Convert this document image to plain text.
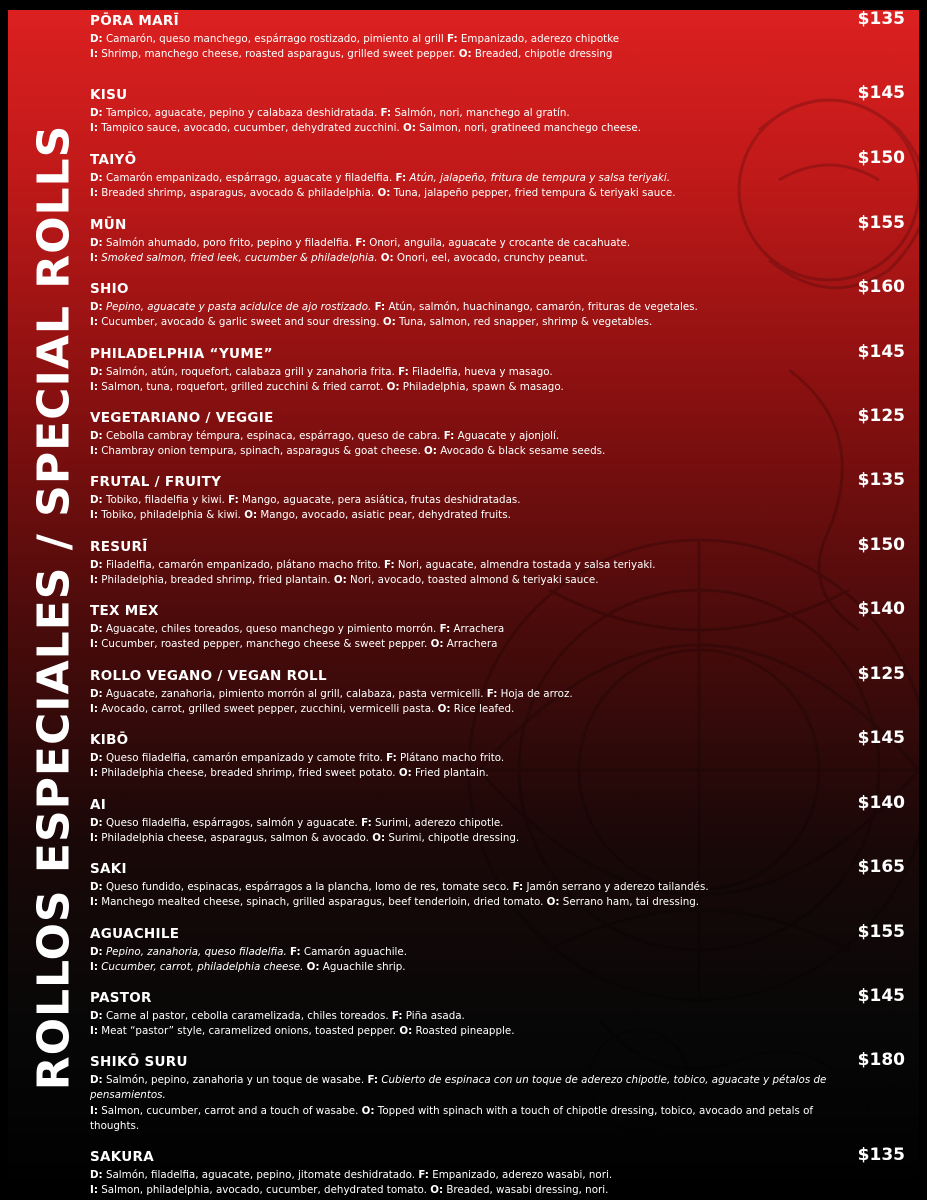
ROLLOS ESPECIALES / SPECIAL ROLLS
PŌRA MARĪ	$135
D: Camarón, queso manchego, espárrago rostizado, pimiento al grill F: Empanizado, aderezo chipotke
I: Shrimp, manchego cheese, roasted asparagus, grilled sweet pepper. O: Breaded, chipotle dressing
KISU	$145
D: Tampico, aguacate, pepino y calabaza deshidratada. F: Salmón, nori, manchego al gratín.
I: Tampico sauce, avocado, cucumber, dehydrated zucchini. O: Salmon, nori, gratineed manchego cheese.
TAIYŌ	$150
D: Camarón empanizado, espárrago, aguacate y filadelfia. F: Atún, jalapeño, fritura de tempura y salsa teriyaki.
I: Breaded shrimp, asparagus, avocado & philadelphia. O: Tuna, jalapeño pepper, fried tempura & teriyaki sauce.
MŪN	$155
D: Salmón ahumado, poro frito, pepino y filadelfia. F: Onori, anguila, aguacate y crocante de cacahuate.
I: Smoked salmon, fried leek, cucumber & philadelphia. O: Onori, eel, avocado, crunchy peanut.
SHIO	$160
D: Pepino, aguacate y pasta acidulce de ajo rostizado. F: Atún, salmón, huachinango, camarón, frituras de vegetales.
I: Cucumber, avocado & garlic sweet and sour dressing. O: Tuna, salmon, red snapper, shrimp & vegetables.
PHILADELPHIA “YUME”	$145
D: Salmón, atún, roquefort, calabaza grill y zanahoria frita. F: Filadelfia, hueva y masago.
I: Salmon, tuna, roquefort, grilled zucchini & fried carrot. O: Philadelphia, spawn & masago.
VEGETARIANO / VEGGIE	$125
D: Cebolla cambray témpura, espinaca, espárrago, queso de cabra. F: Aguacate y ajonjolí.
I: Chambray onion tempura, spinach, asparagus & goat cheese. O: Avocado & black sesame seeds.
FRUTAL / FRUITY	$135
D: Tobiko, filadelfia y kiwi. F: Mango, aguacate, pera asiática, frutas deshidratadas.
I: Tobiko, philadelphia & kiwi. O: Mango, avocado, asiatic pear, dehydrated fruits.
RESURĪ	$150
D: Filadelfia, camarón empanizado, plátano macho frito. F: Nori, aguacate, almendra tostada y salsa teriyaki.
I: Philadelphia, breaded shrimp, fried plantain. O: Nori, avocado, toasted almond & teriyaki sauce.
TEX MEX	$140
D: Aguacate, chiles toreados, queso manchego y pimiento morrón. F: Arrachera
I: Cucumber, roasted pepper, manchego cheese & sweet pepper. O: Arrachera
ROLLO VEGANO / VEGAN ROLL	$125
D: Aguacate, zanahoria, pimiento morrón al grill, calabaza, pasta vermicelli. F: Hoja de arroz.
I: Avocado, carrot, grilled sweet pepper, zucchini, vermicelli pasta. O: Rice leafed.
KIBŌ	$145
D: Queso filadelfia, camarón empanizado y camote frito. F: Plátano macho frito.
I: Philadelphia cheese, breaded shrimp, fried sweet potato. O: Fried plantain.
AI	$140
D: Queso filadelfia, espárragos, salmón y aguacate. F: Surimi, aderezo chipotle.
I: Philadelphia cheese, asparagus, salmon & avocado. O: Surimi, chipotle dressing.
SAKI	$165
D: Queso fundido, espinacas, espárragos a la plancha, lomo de res, tomate seco. F: Jamón serrano y aderezo tailandés.
I: Manchego mealted cheese, spinach, grilled asparagus, beef tenderloin, dried tomato. O: Serrano ham, tai dressing.
AGUACHILE	$155
D: Pepino, zanahoria, queso filadelfia. F: Camarón aguachile.
I: Cucumber, carrot, philadelphia cheese. O: Aguachile shrip.
PASTOR	$145
D: Carne al pastor, cebolla caramelizada, chiles toreados. F: Piña asada.
I: Meat “pastor” style, caramelized onions, toasted pepper. O: Roasted pineapple.
SHIKŌ SURU	$180
D: Salmón, pepino, zanahoria y un toque de wasabe. F: Cubierto de espinaca con un toque de aderezo chipotle, tobico, aguacate y pétalos de pensamientos.
I: Salmon, cucumber, carrot and a touch of wasabe. O: Topped with spinach with a touch of chipotle dressing, tobico, avocado and petals of thoughts.
SAKURA	$135
D: Salmón, filadelfia, aguacate, pepino, jitomate deshidratado. F: Empanizado, aderezo wasabi, nori.
I: Salmon, philadelphia, avocado, cucumber, dehydrated tomato. O: Breaded, wasabi dressing, nori.
